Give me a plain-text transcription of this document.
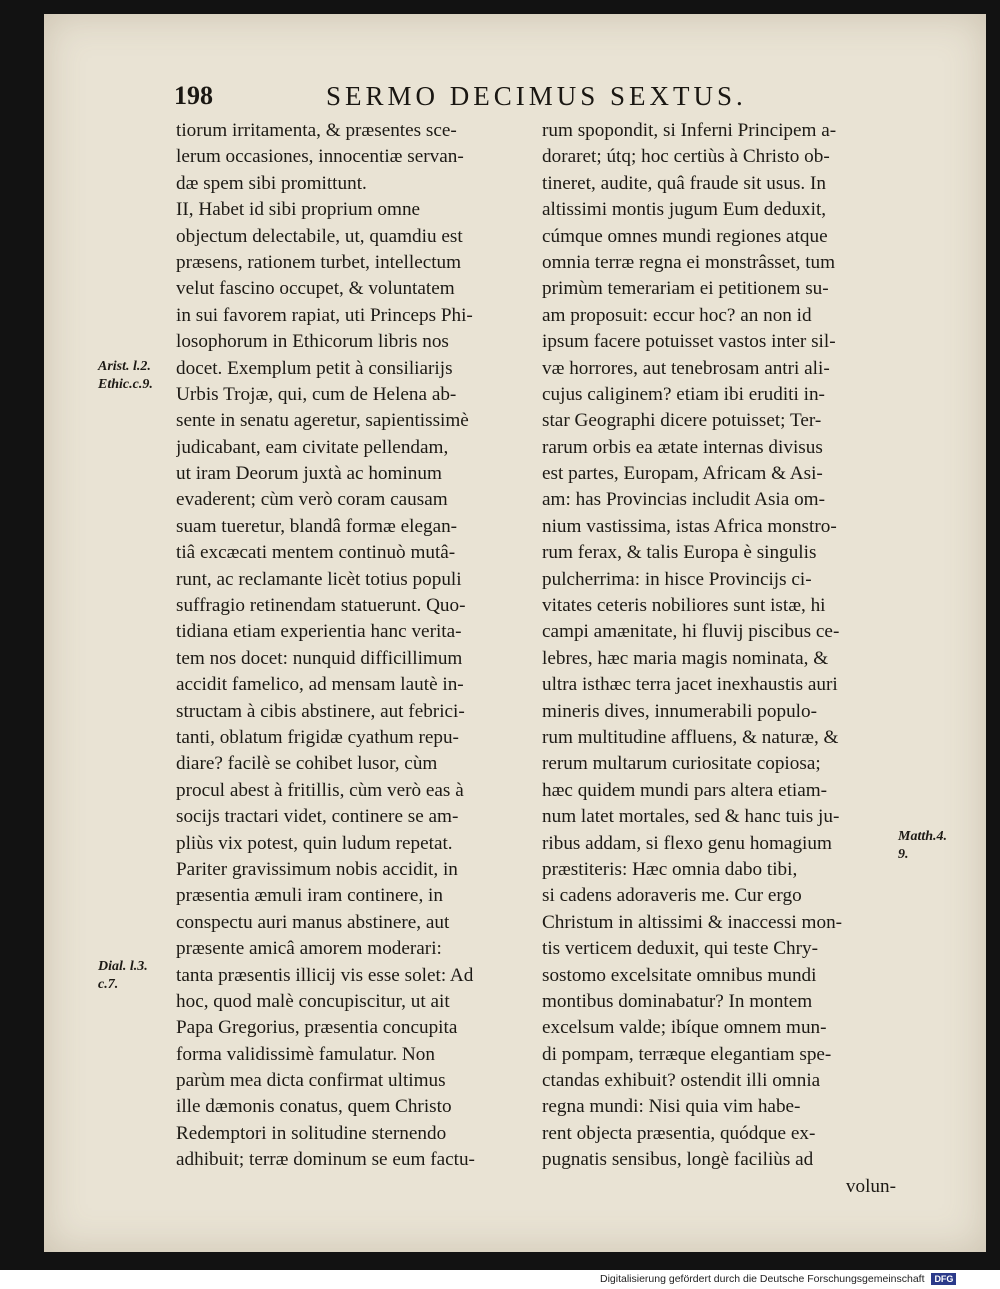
198	SERMO DECIMUS SEXTUS.
tiorum irritamenta, & præsentes sce-
lerum occasiones, innocentiæ servan-
dæ spem sibi promittunt.
II, Habet id sibi proprium omne
objectum delectabile, ut, quamdiu est
præsens, rationem turbet, intellectum
velut fascino occupet, & voluntatem
in sui favorem rapiat, uti Princeps Phi-
losophorum in Ethicorum libris nos
docet. Exemplum petit à consiliarijs
Urbis Trojæ, qui, cum de Helena ab-
sente in senatu ageretur, sapientissimè
judicabant, eam civitate pellendam,
ut iram Deorum juxtà ac hominum
evaderent; cùm verò coram causam
suam tueretur, blandâ formæ elegan-
tiâ excæcati mentem continuò mutâ-
runt, ac reclamante licèt totius populi
suffragio retinendam statuerunt. Quo-
tidiana etiam experientia hanc verita-
tem nos docet: nunquid difficillimum
accidit famelico, ad mensam lautè in-
structam à cibis abstinere, aut febrici-
tanti, oblatum frigidæ cyathum repu-
diare? facilè se cohibet lusor, cùm
procul abest à fritillis, cùm verò eas à
socijs tractari videt, continere se am-
pliùs vix potest, quin ludum repetat.
Pariter gravissimum nobis accidit, in
præsentia æmuli iram continere, in
conspectu auri manus abstinere, aut
præsente amicâ amorem moderari:
tanta præsentis illicij vis esse solet: Ad
hoc, quod malè concupiscitur, ut ait
Papa Gregorius, præsentia concupita
forma validissimè famulatur. Non
parùm mea dicta confirmat ultimus
ille dæmonis conatus, quem Christo
Redemptori in solitudine sternendo
adhibuit; terræ dominum se eum factu-
rum spopondit, si Inferni Principem a-
doraret; útq; hoc certiùs à Christo ob-
tineret, audite, quâ fraude sit usus. In
altissimi montis jugum Eum deduxit,
cúmque omnes mundi regiones atque
omnia terræ regna ei monstrâsset, tum
primùm temerariam ei petitionem su-
am proposuit: eccur hoc? an non id
ipsum facere potuisset vastos inter sil-
væ horrores, aut tenebrosam antri ali-
cujus caliginem? etiam ibi eruditi in-
star Geographi dicere potuisset; Ter-
rarum orbis ea ætate internas divisus
est partes, Europam, Africam & Asi-
am: has Provincias includit Asia om-
nium vastissima, istas Africa monstro-
rum ferax, & talis Europa è singulis
pulcherrima: in hisce Provincijs ci-
vitates ceteris nobiliores sunt istæ, hi
campi amænitate, hi fluvij piscibus ce-
lebres, hæc maria magis nominata, &
ultra isthæc terra jacet inexhaustis auri
mineris dives, innumerabili populo-
rum multitudine affluens, & naturæ, &
rerum multarum curiositate copiosa;
hæc quidem mundi pars altera etiam-
num latet mortales, sed & hanc tuis ju-
ribus addam, si flexo genu homagium
præstiteris: Hæc omnia dabo tibi,
si cadens adoraveris me. Cur ergo
Christum in altissimi & inaccessi mon-
tis verticem deduxit, qui teste Chry-
sostomo excelsitate omnibus mundi
montibus dominabatur? In montem
excelsum valde; ibíque omnem mun-
di pompam, terræque elegantiam spe-
ctandas exhibuit? ostendit illi omnia
regna mundi: Nisi quia vim habe-
rent objecta præsentia, quódque ex-
pugnatis sensibus, longè faciliùs ad
volun-
Arist. l.2.
Ethic.c.9.
Dial. l.3.
c.7.
Matth.4.
9.
Digitalisierung gefördert durch die Deutsche Forschungsgemeinschaft DFG
